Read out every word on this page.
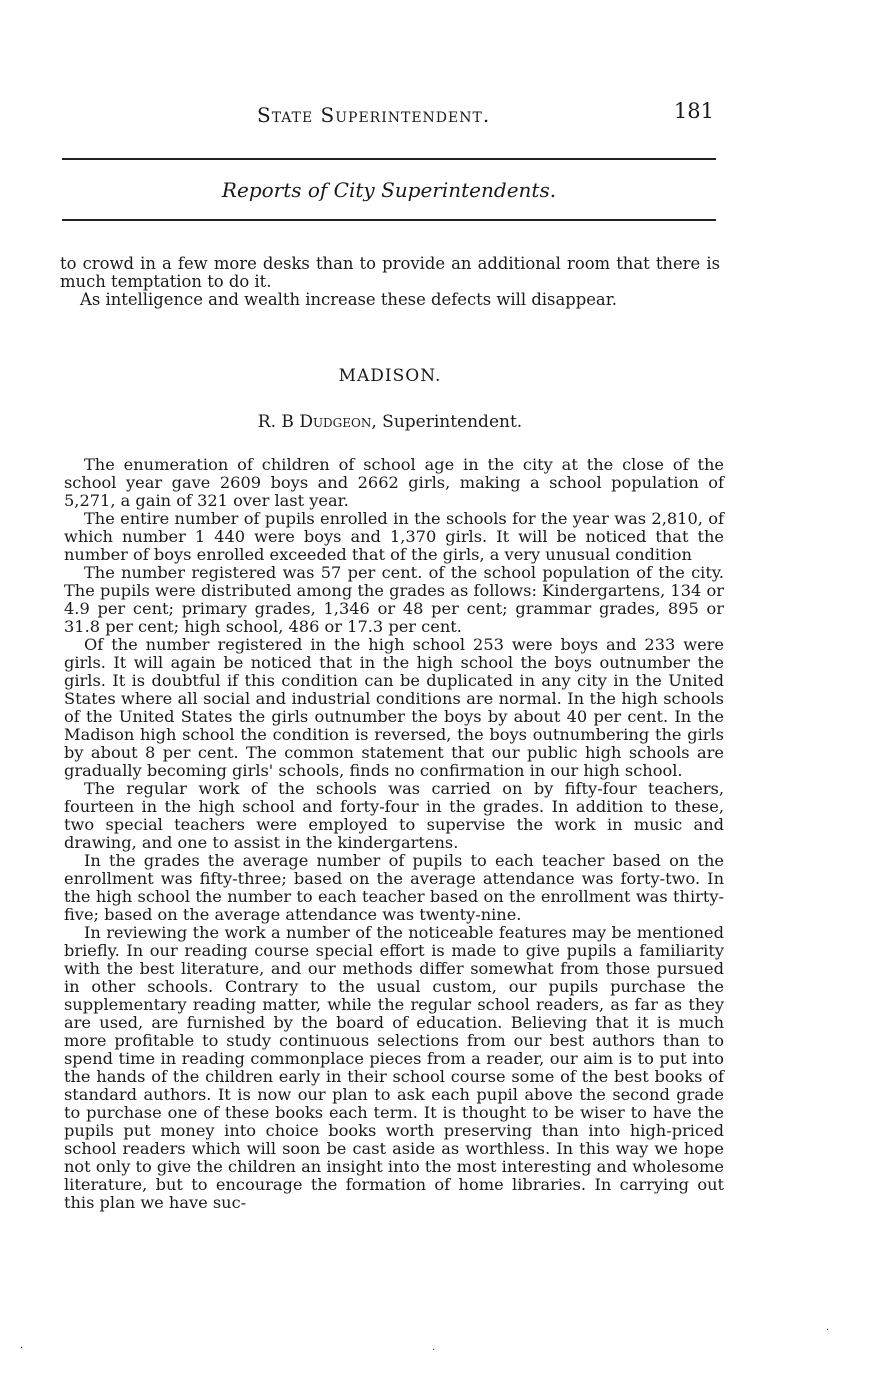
State Superintendent.	181
Reports of City Superintendents.

to crowd in a few more desks than to provide an additional room that there is much temptation to do it.

As intelligence and wealth increase these defects will disappear.

MADISON.
R. B Dudgeon, Superintendent.

The enumeration of children of school age in the city at the close of the school year gave 2609 boys and 2662 girls, making a school population of 5,271, a gain of 321 over last year.

The entire number of pupils enrolled in the schools for the year was 2,810, of which number 1 440 were boys and 1,370 girls. It will be noticed that the number of boys enrolled exceeded that of the girls, a very unusual condition

The number registered was 57 per cent. of the school population of the city. The pupils were distributed among the grades as follows: Kindergartens, 134 or 4.9 per cent; primary grades, 1,346 or 48 per cent; grammar grades, 895 or 31.8 per cent; high school, 486 or 17.3 per cent.

Of the number registered in the high school 253 were boys and 233 were girls. It will again be noticed that in the high school the boys outnumber the girls. It is doubtful if this condition can be duplicated in any city in the United States where all social and industrial conditions are normal. In the high schools of the United States the girls outnumber the boys by about 40 per cent. In the Madison high school the condition is reversed, the boys outnumbering the girls by about 8 per cent. The common statement that our public high schools are gradually becoming girls' schools, finds no confirmation in our high school.

The regular work of the schools was carried on by fifty-four teachers, fourteen in the high school and forty-four in the grades. In addition to these, two special teachers were employed to supervise the work in music and drawing, and one to assist in the kindergartens.

In the grades the average number of pupils to each teacher based on the enrollment was fifty-three; based on the average attendance was forty-two. In the high school the number to each teacher based on the enrollment was thirty-five; based on the average attendance was twenty-nine.

In reviewing the work a number of the noticeable features may be mentioned briefly. In our reading course special effort is made to give pupils a familiarity with the best literature, and our methods differ somewhat from those pursued in other schools. Contrary to the usual custom, our pupils purchase the supplementary reading matter, while the regular school readers, as far as they are used, are furnished by the board of education. Believing that it is much more profitable to study continuous selections from our best authors than to spend time in reading commonplace pieces from a reader, our aim is to put into the hands of the children early in their school course some of the best books of standard authors. It is now our plan to ask each pupil above the second grade to purchase one of these books each term. It is thought to be wiser to have the pupils put money into choice books worth preserving than into high-priced school readers which will soon be cast aside as worthless. In this way we hope not only to give the children an insight into the most interesting and wholesome literature, but to encourage the formation of home libraries. In carrying out this plan we have suc-

·	·
·
